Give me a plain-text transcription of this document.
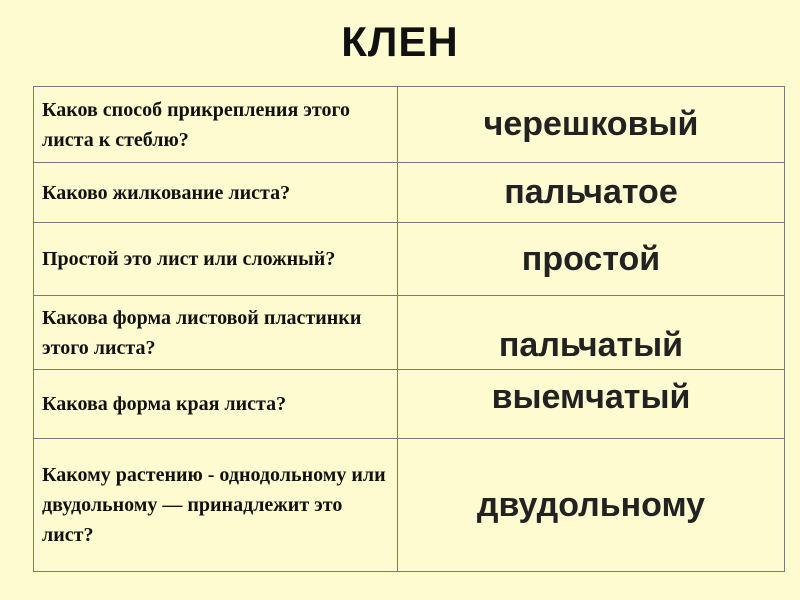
КЛЕН
Каков способ прикрепления этого листа к стеблю?	черешковый
Каково жилкование листа?	пальчатое
Простой это лист или сложный?	простой
Какова форма листовой пластинки этого листа?	пальчатый
Какова форма края листа?	выемчатый
Какому растению - однодольному или двудольному — принадлежит это лист?	двудольному
